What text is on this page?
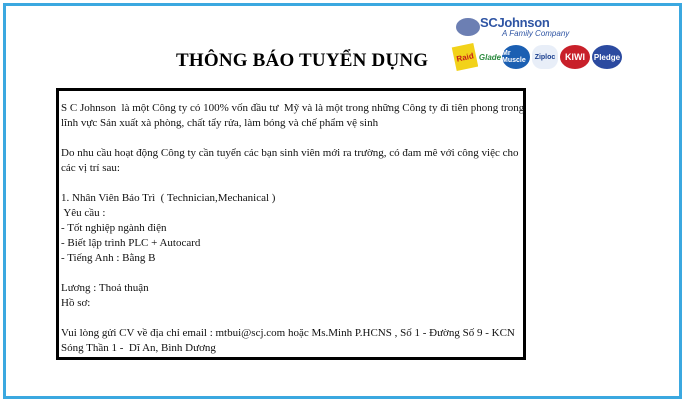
THÔNG BÁO TUYỂN DỤNG
SCJohnson
A Family Company
Raid Glade Mr Muscle	Ziploc	KIWI	Pledge
S C Johnson  là một Công ty có 100% vốn đầu tư  Mỹ và là một trong những Công ty đi tiên phong trong
lĩnh vực Sản xuất xà phòng, chất tẩy rửa, làm bóng và chế phẩm vệ sinh
Do nhu cầu hoạt động Công ty cần tuyển các bạn sinh viên mới ra trường, có đam mê với công việc cho
các vị trí sau:
1. Nhân Viên Bảo Trì  ( Technician,Mechanical )
Yêu cầu :
- Tốt nghiệp ngành điện
- Biết lập trình PLC + Autocard
- Tiếng Anh : Bằng B
Lương : Thoả thuận
Hồ sơ:
Vui lòng gửi CV về địa chỉ email : mtbui@scj.com hoặc Ms.Minh P.HCNS , Số 1 - Đường Số 9 - KCN
Sóng Thần 1 -  Dĩ An, Bình Dương
